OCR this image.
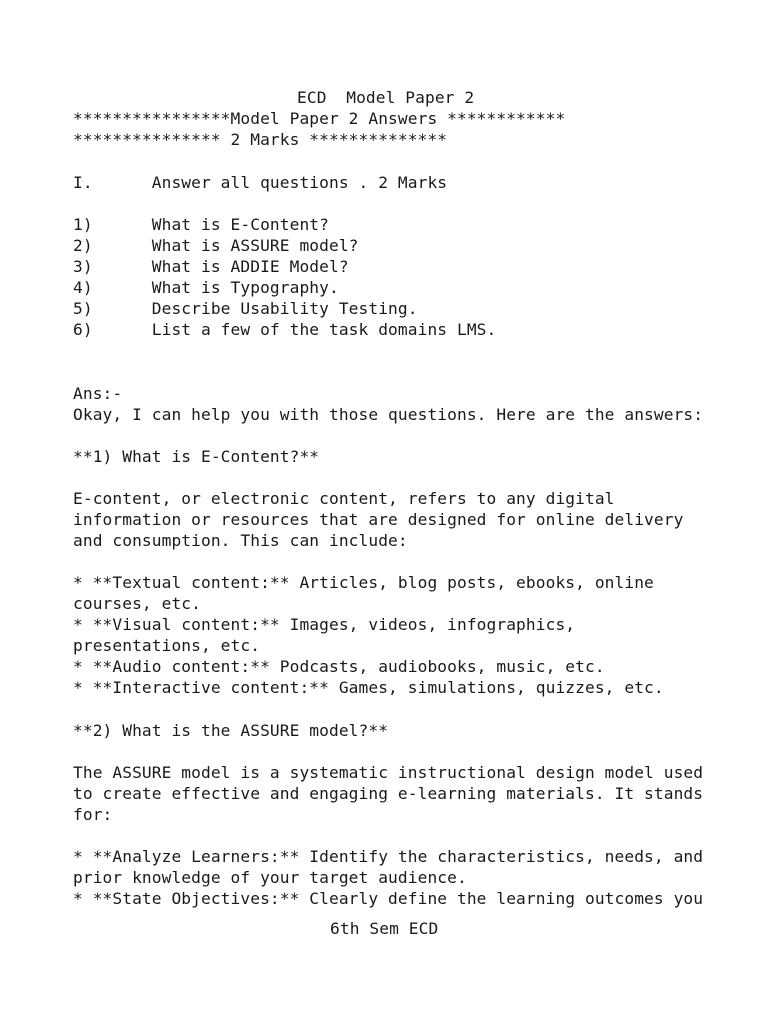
ECD  Model Paper 2
****************Model Paper 2 Answers ************
*************** 2 Marks **************
I.      Answer all questions . 2 Marks
1)      What is E-Content?
2)      What is ASSURE model?
3)      What is ADDIE Model?
4)      What is Typography.
5)      Describe Usability Testing.
6)      List a few of the task domains LMS.
Ans:-
Okay, I can help you with those questions. Here are the answers:
**1) What is E-Content?**
E-content, or electronic content, refers to any digital
information or resources that are designed for online delivery
and consumption. This can include:
* **Textual content:** Articles, blog posts, ebooks, online
courses, etc.
* **Visual content:** Images, videos, infographics,
presentations, etc.
* **Audio content:** Podcasts, audiobooks, music, etc.
* **Interactive content:** Games, simulations, quizzes, etc.
**2) What is the ASSURE model?**
The ASSURE model is a systematic instructional design model used
to create effective and engaging e-learning materials. It stands
for:
* **Analyze Learners:** Identify the characteristics, needs, and
prior knowledge of your target audience.
* **State Objectives:** Clearly define the learning outcomes you
6th Sem ECD
